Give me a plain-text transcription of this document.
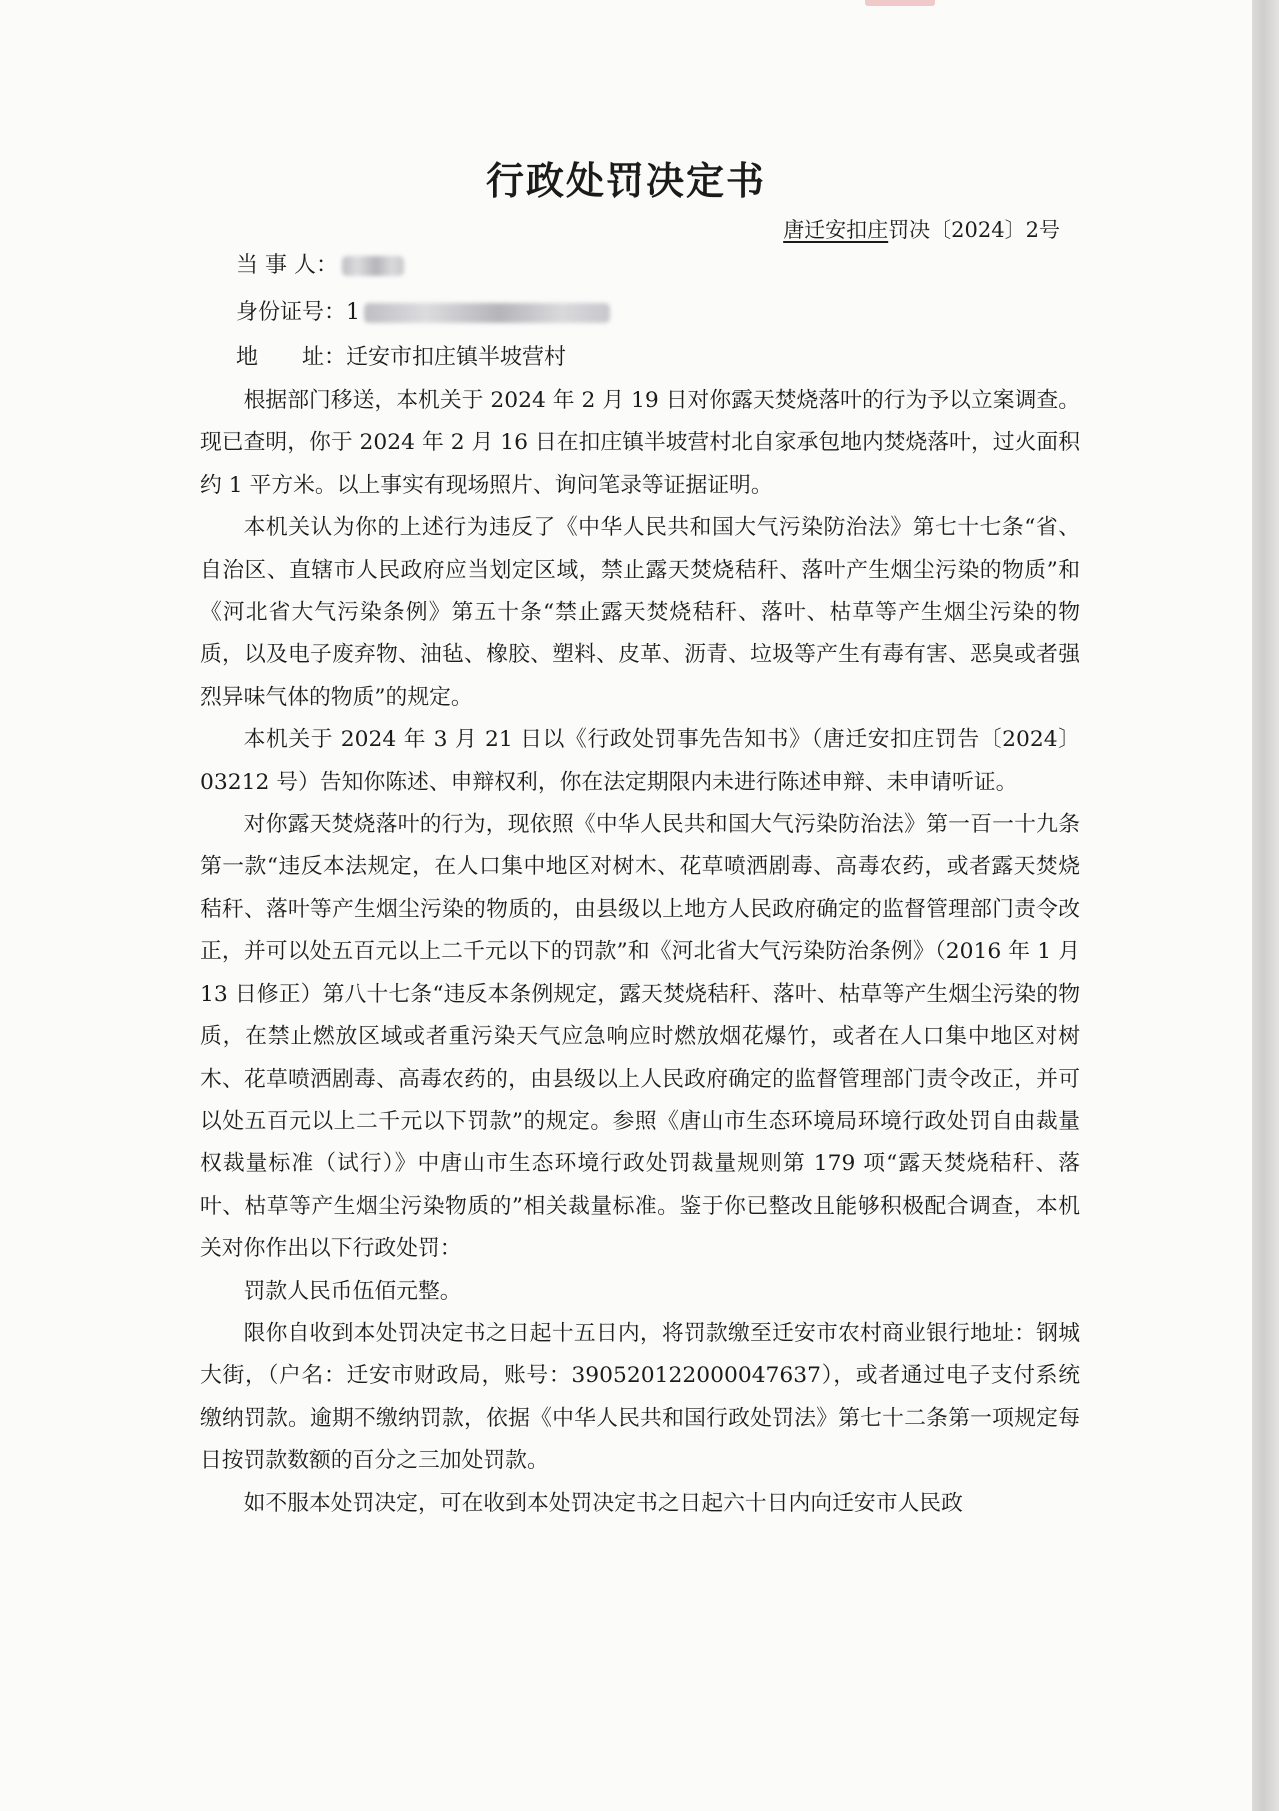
行政处罚决定书
唐迁安扣庄罚决〔2024〕2号
当 事 人：
身份证号：1
地　　址：迁安市扣庄镇半坡营村

根据部门移送，本机关于 2024 年 2 月 19 日对你露天焚烧落叶的行为予以立案调查。现已查明，你于 2024 年 2 月 16 日在扣庄镇半坡营村北自家承包地内焚烧落叶，过火面积约 1 平方米。以上事实有现场照片、询问笔录等证据证明。

本机关认为你的上述行为违反了《中华人民共和国大气污染防治法》第七十七条“省、自治区、直辖市人民政府应当划定区域，禁止露天焚烧秸秆、落叶产生烟尘污染的物质”和《河北省大气污染条例》第五十条“禁止露天焚烧秸秆、落叶、枯草等产生烟尘污染的物质，以及电子废弃物、油毡、橡胶、塑料、皮革、沥青、垃圾等产生有毒有害、恶臭或者强烈异味气体的物质”的规定。

本机关于 2024 年 3 月 21 日以《行政处罚事先告知书》（唐迁安扣庄罚告〔2024〕03212 号）告知你陈述、申辩权利，你在法定期限内未进行陈述申辩、未申请听证。

对你露天焚烧落叶的行为，现依照《中华人民共和国大气污染防治法》第一百一十九条第一款“违反本法规定，在人口集中地区对树木、花草喷洒剧毒、高毒农药，或者露天焚烧秸秆、落叶等产生烟尘污染的物质的，由县级以上地方人民政府确定的监督管理部门责令改正，并可以处五百元以上二千元以下的罚款”和《河北省大气污染防治条例》（2016 年 1 月 13 日修正）第八十七条“违反本条例规定，露天焚烧秸秆、落叶、枯草等产生烟尘污染的物质，在禁止燃放区域或者重污染天气应急响应时燃放烟花爆竹，或者在人口集中地区对树木、花草喷洒剧毒、高毒农药的，由县级以上人民政府确定的监督管理部门责令改正，并可以处五百元以上二千元以下罚款”的规定。参照《唐山市生态环境局环境行政处罚自由裁量权裁量标准（试行）》中唐山市生态环境行政处罚裁量规则第 179 项“露天焚烧秸秆、落叶、枯草等产生烟尘污染物质的”相关裁量标准。鉴于你已整改且能够积极配合调查，本机关对你作出以下行政处罚：

罚款人民币伍佰元整。

限你自收到本处罚决定书之日起十五日内，将罚款缴至迁安市农村商业银行地址：钢城大街，（户名：迁安市财政局，账号：39052012200004763​7），或者通过电子支付系统缴纳罚款。逾期不缴纳罚款，依据《中华人民共和国行政处罚法》第七十二条第一项规定每日按罚款数额的百分之三加处罚款。

如不服本处罚决定，可在收到本处罚决定书之日起六十日内向迁安市人民政
